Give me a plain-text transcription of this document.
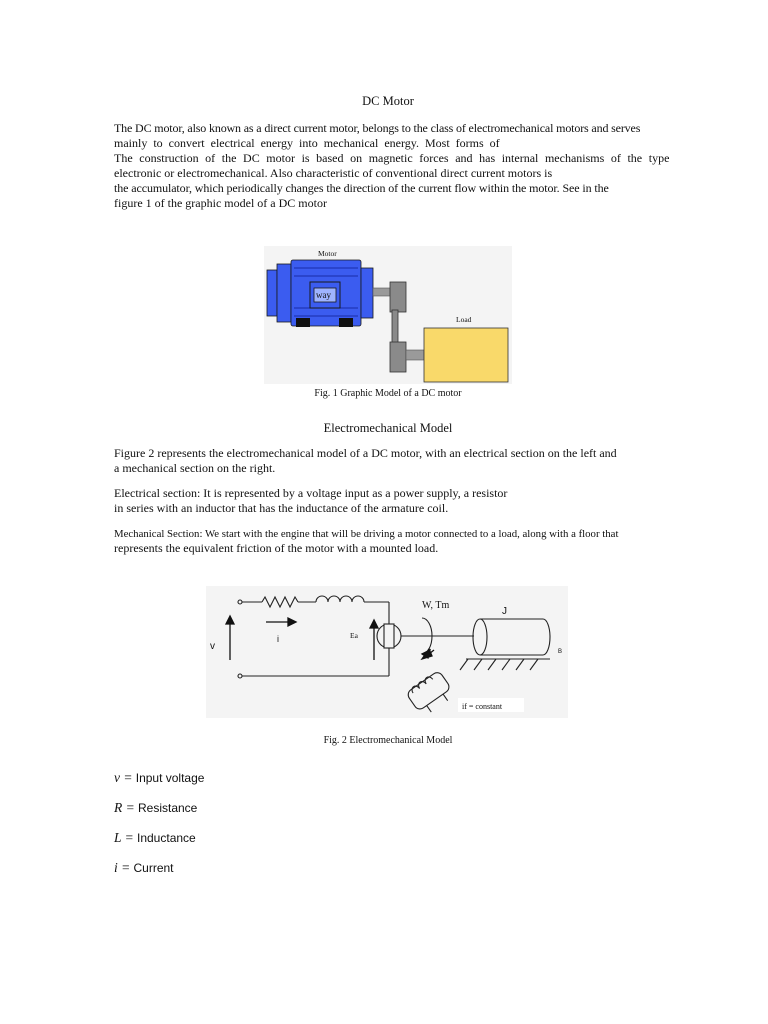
DC Motor
The DC motor, also known as a direct current motor, belongs to the class of electromechanical motors and serves
mainly to convert electrical energy into mechanical energy. Most forms of
The construction of the DC motor is based on magnetic forces and has internal mechanisms of the type
electronic or electromechanical. Also characteristic of conventional direct current motors is
the accumulator, which periodically changes the direction of the current flow within the motor. See in the
figure 1 of the graphic model of a DC motor
way
Motor
Load
Fig. 1 Graphic Model of a DC motor
Electromechanical Model
Figure 2 represents the electromechanical model of a DC motor, with an electrical section on the left and
a mechanical section on the right.
Electrical section: It is represented by a voltage input as a power supply, a resistor
in series with an inductor that has the inductance of the armature coil.
Mechanical Section: We start with the engine that will be driving a motor connected to a load, along with a floor that
represents the equivalent friction of the motor with a mounted load.
v
i	Ea
W, Tm
J
B
if = constant
Fig. 2 Electromechanical Model
v = Input voltage
R = Resistance
L = Inductance
i = Current
